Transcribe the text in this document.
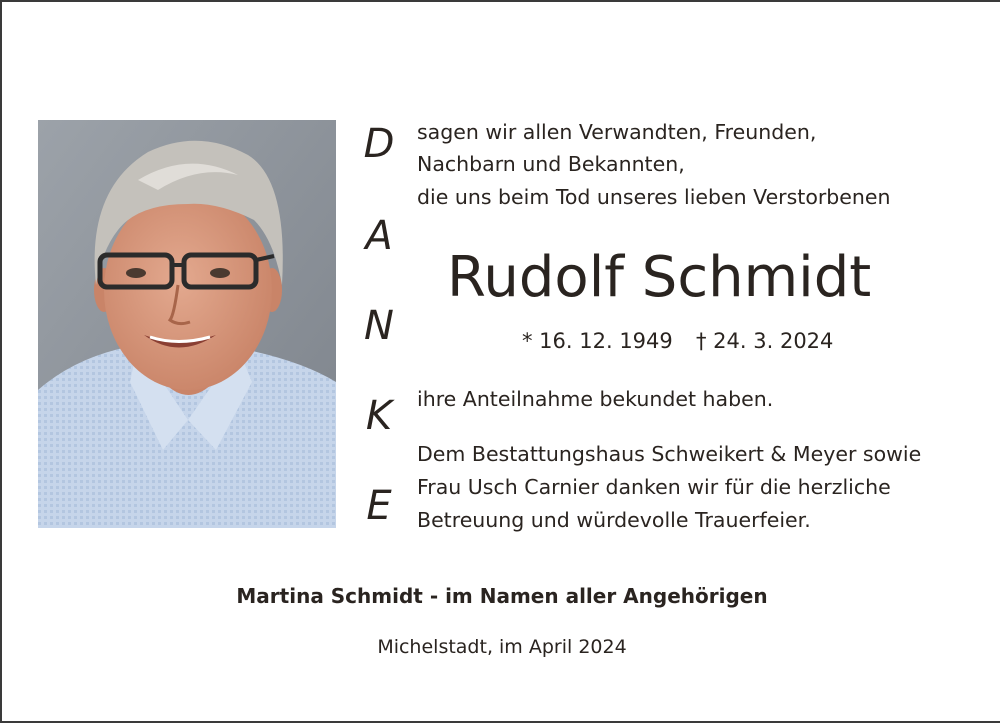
D
A
N
K
E
sagen wir allen Verwandten, Freunden,
Nachbarn und Bekannten,
die uns beim Tod unseres lieben Verstorbenen
Rudolf Schmidt
* 16. 12. 1949 † 24. 3. 2024
ihre Anteilnahme bekundet haben.
Dem Bestattungshaus Schweikert & Meyer sowie
Frau Usch Carnier danken wir für die herzliche
Betreuung und würdevolle Trauerfeier.
Martina Schmidt - im Namen aller Angehörigen
Michelstadt, im April 2024
